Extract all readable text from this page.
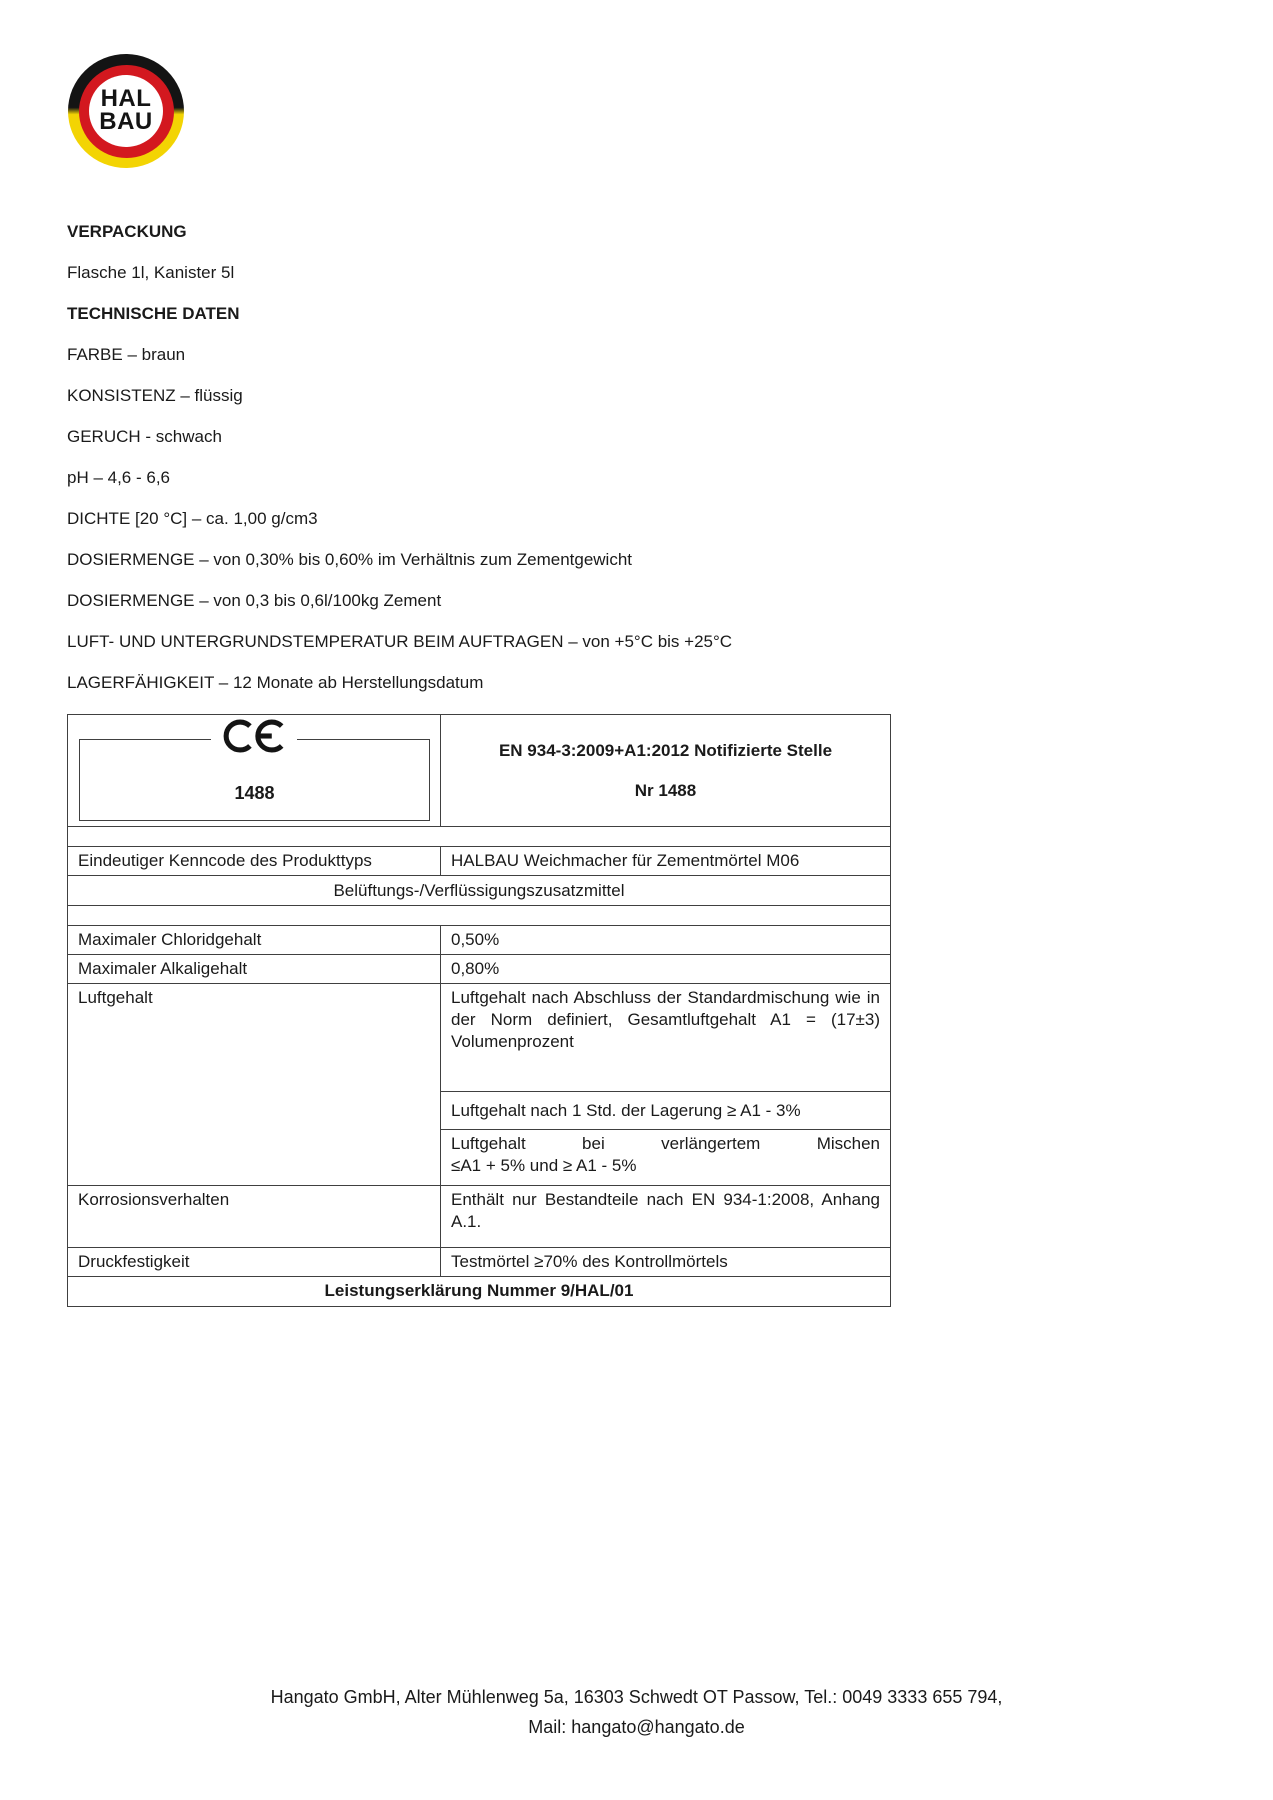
HAL
BAU

VERPACKUNG

Flasche 1l, Kanister 5l

TECHNISCHE DATEN

FARBE – braun

KONSISTENZ – flüssig

GERUCH - schwach

pH – 4,6 - 6,6

DICHTE [20 °C] – ca. 1,00 g/cm3

DOSIERMENGE – von 0,30% bis 0,60% im Verhältnis zum Zementgewicht

DOSIERMENGE – von 0,3 bis 0,6l/100kg Zement

LUFT- UND UNTERGRUNDSTEMPERATUR BEIM AUFTRAGEN – von +5°C bis +25°C

LAGERFÄHIGKEIT – 12 Monate ab Herstellungsdatum

1488	EN 934-3:2009+A1:2012 Notifizierte Stelle
Nr 1488

Eindeutiger Kenncode des Produkttyps	HALBAU Weichmacher für Zementmörtel M06
Belüftungs-/Verflüssigungszusatzmittel	

Maximaler Chloridgehalt	0,50%
Maximaler Alkaligehalt	0,80%
Luftgehalt	Luftgehalt nach Abschluss der Standardmischung wie in der Norm definiert, Gesamtluftgehalt A1 = (17±3) Volumenprozent
	Luftgehalt nach 1 Std. der Lagerung ≥ A1 - 3%

	Luftgehalt bei verlängertem Mischen
≤A1 + 5% und ≥ A1 - 5%

Korrosionsverhalten	Enthält nur Bestandteile nach EN 934-1:2008, Anhang A.1.
Druckfestigkeit	Testmörtel ≥70% des Kontrollmörtels
Leistungserklärung Nummer 9/HAL/01	
Hangato GmbH, Alter Mühlenweg 5a, 16303 Schwedt OT Passow, Tel.: 0049 3333 655 794,
Mail: hangato@hangato.de
